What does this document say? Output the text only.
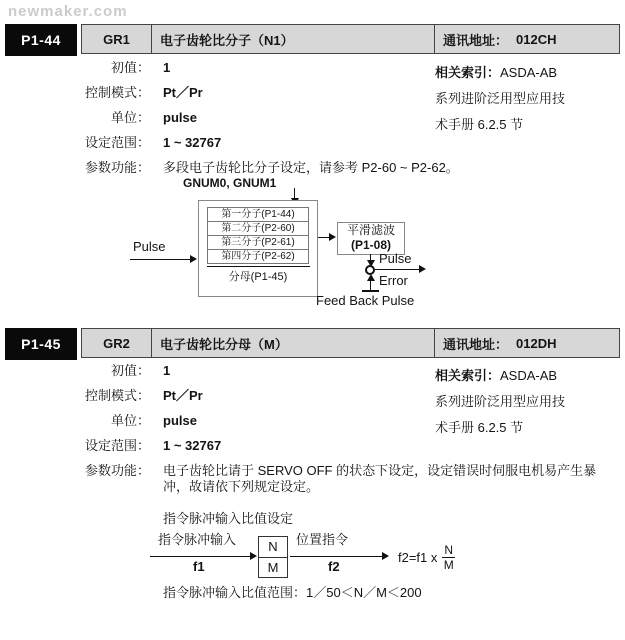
newmaker.com
P1-44	GR1	电子齿轮比分子（N1）	通讯地址： 012CH
初值： 1
控制模式： Pt／Pr
单位： pulse
设定范围： 1 ~ 32767
参数功能： 多段电子齿轮比分子设定，请参考 P2-60 ~ P2-62。
相关索引：ASDA-AB
系列进阶泛用型应用技
术手册 6.2.5 节
GNUM0, GNUM1
第一分子(P1-44)
第二分子(P2-60)
第三分子(P2-61)
第四分子(P2-62)
分母(P1-45)
Pulse
平滑滤波
(P1-08)
Pulse
Error
Feed Back Pulse
P1-45	GR2	电子齿轮比分母（M）	通讯地址： 012DH
初值： 1
控制模式： Pt／Pr
单位： pulse
设定范围： 1 ~ 32767
参数功能： 电子齿轮比请于 SERVO OFF 的状态下设定，设定错误时伺服电机易产生暴冲，故请依下列规定设定。
相关索引：ASDA-AB
系列进阶泛用型应用技
术手册 6.2.5 节
指令脉冲输入比值设定
指令脉冲输入
f1	$\frac{N}{M}$ 位置指令
f2
f2=f1 x $\frac{N}{M}$
指令脉冲输入比值范围：1／50＜N／M＜200
